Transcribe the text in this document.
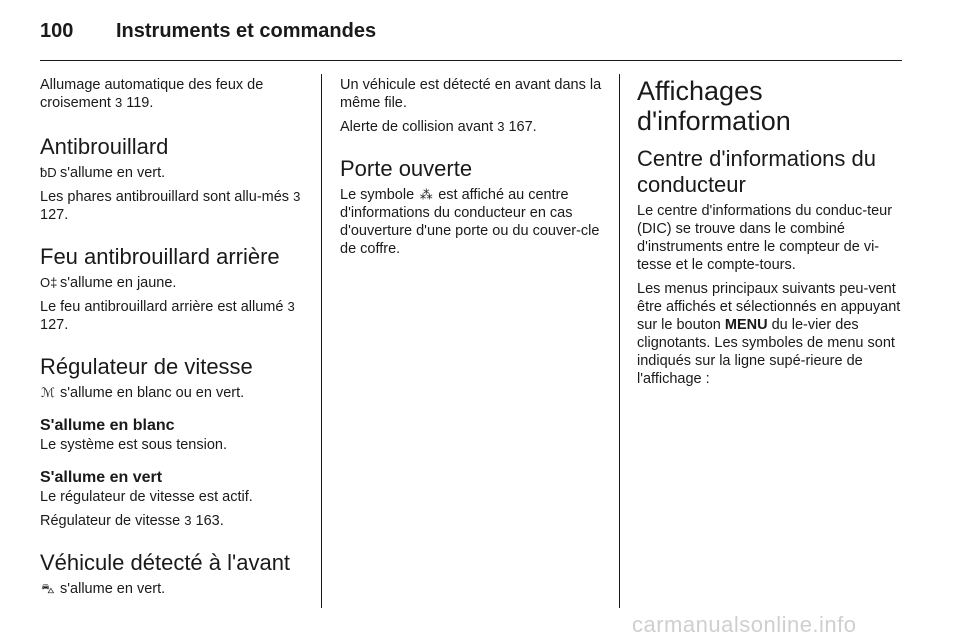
100 Instruments et commandes

Allumage automatique des feux de croisement 3 119.

Antibrouillard

ƀD s'allume en vert.

Les phares antibrouillard sont allu-més 3 127.

Feu antibrouillard arrière

O‡ s'allume en jaune.

Le feu antibrouillard arrière est allumé 3 127.

Régulateur de vitesse

ℳ s'allume en blanc ou en vert.

S'allume en blanc

Le système est sous tension.

S'allume en vert

Le régulateur de vitesse est actif.

Régulateur de vitesse 3 163.

Véhicule détecté à l'avant

⛍ s'allume en vert.

Un véhicule est détecté en avant dans la même file.

Alerte de collision avant 3 167.

Porte ouverte

Le symbole ⁂ est affiché au centre d'informations du conducteur en cas d'ouverture d'une porte ou du couver-cle de coffre.

Affichages d'information
Centre d'informations du conducteur

Le centre d'informations du conduc-teur (DIC) se trouve dans le combiné d'instruments entre le compteur de vi-tesse et le compte-tours.

Les menus principaux suivants peu-vent être affichés et sélectionnés en appuyant sur le bouton MENU du le-vier des clignotants. Les symboles de menu sont indiqués sur la ligne supé-rieure de l'affichage :

carmanualsonline.info
